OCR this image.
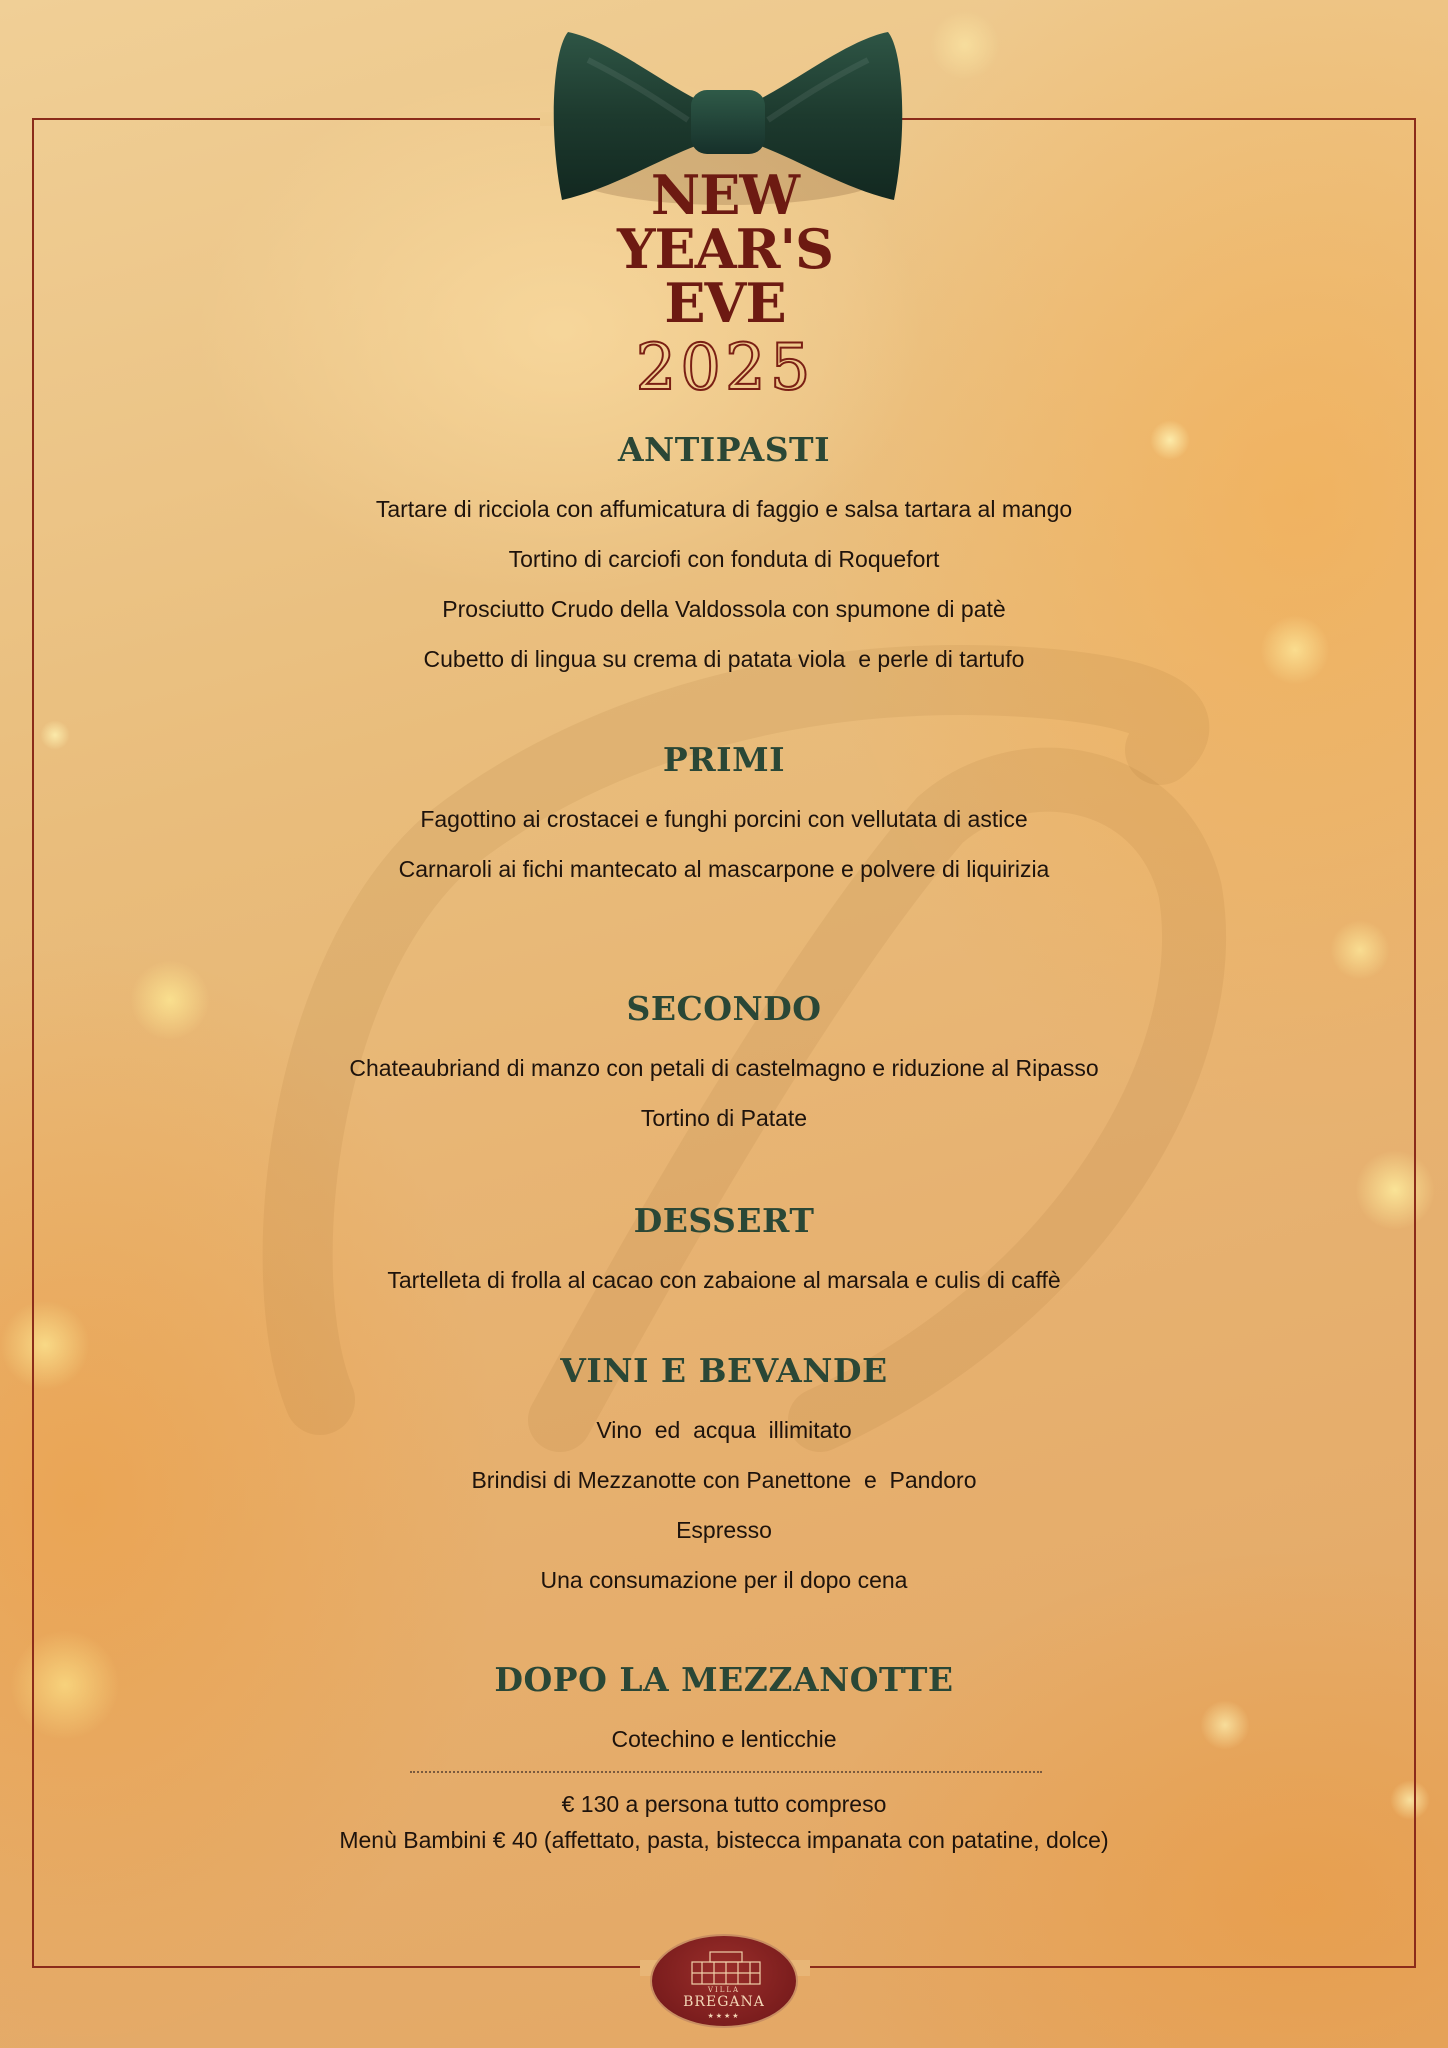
NEW
YEAR'S
EVE
2025
ANTIPASTI
Tartare di ricciola con affumicatura di faggio e salsa tartara al mango
Tortino di carciofi con fonduta di Roquefort
Prosciutto Crudo della Valdossola con spumone di patè
Cubetto di lingua su crema di patata viola  e perle di tartufo
PRIMI
Fagottino ai crostacei e funghi porcini con vellutata di astice
Carnaroli ai fichi mantecato al mascarpone e polvere di liquirizia
SECONDO
Chateaubriand di manzo con petali di castelmagno e riduzione al Ripasso
Tortino di Patate
DESSERT
Tartelleta di frolla al cacao con zabaione al marsala e culis di caffè
VINI E BEVANDE
Vino  ed  acqua  illimitato
Brindisi di Mezzanotte con Panettone  e  Pandoro
Espresso
Una consumazione per il dopo cena
DOPO LA MEZZANOTTE
Cotechino e lenticchie
€ 130 a persona tutto compreso
Menù Bambini € 40 (affettato, pasta, bistecca impanata con patatine, dolce)
VILLA
BREGANA
★★★★
